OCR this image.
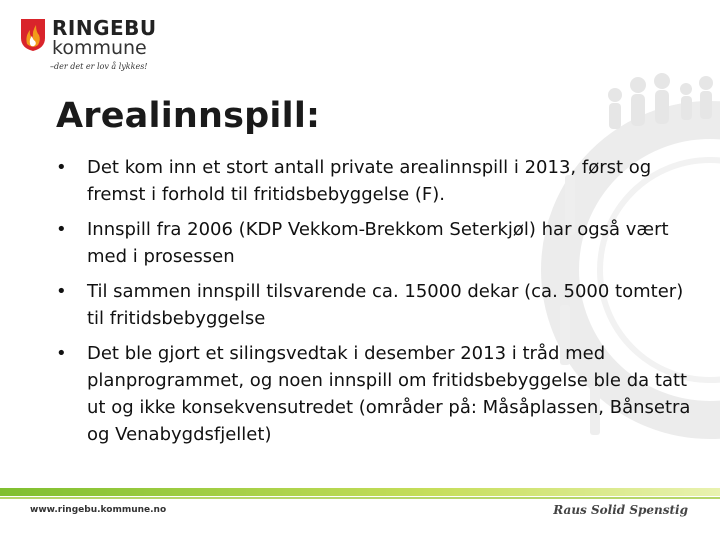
RINGEBU
kommune
–der det er lov å lykkes!
Arealinnspill:
• Det kom inn et stort antall private arealinnspill i 2013, først og fremst i forhold til fritidsbebyggelse (F).
• Innspill fra 2006 (KDP Vekkom-Brekkom Seterkjøl) har også vært med i prosessen
• Til sammen innspill tilsvarende ca. 15000 dekar (ca. 5000 tomter) til fritidsbebyggelse
• Det ble gjort et silingsvedtak i desember 2013 i tråd med planprogrammet, og noen innspill om fritidsbebyggelse ble da tatt ut og ikke konsekvensutredet (områder på: Måsåplassen, Bånsetra og Venabygdsfjellet)
www.ringebu.kommune.no	Raus Solid Spenstig
